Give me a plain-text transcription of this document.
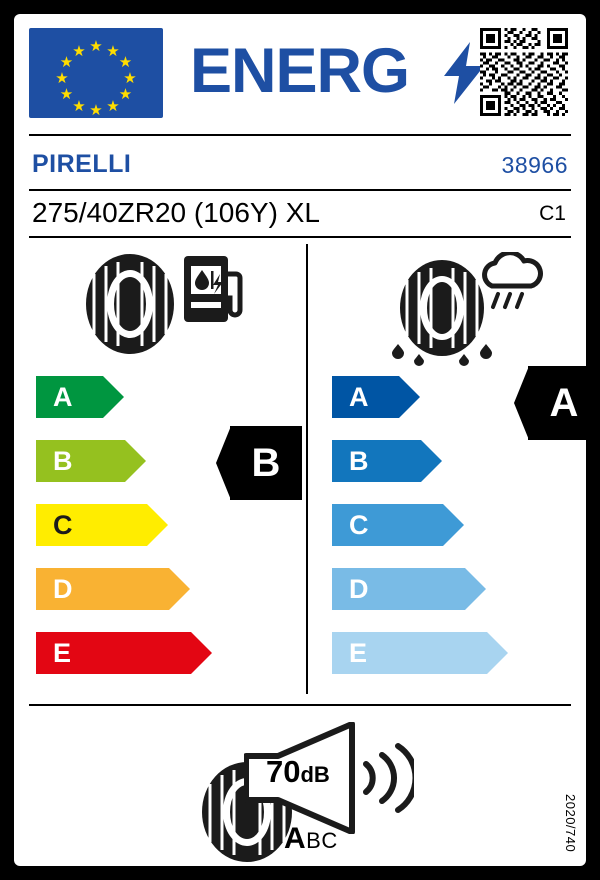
★
★ ★
★	★
★	★
★	★
★ ★
★
ENERG
PIRELLI	38966
275/40ZR20 (106Y) XL	C1
A
B
C
D
E
A
B
C
D
E
B
A
70dB
ABC	2020/740
